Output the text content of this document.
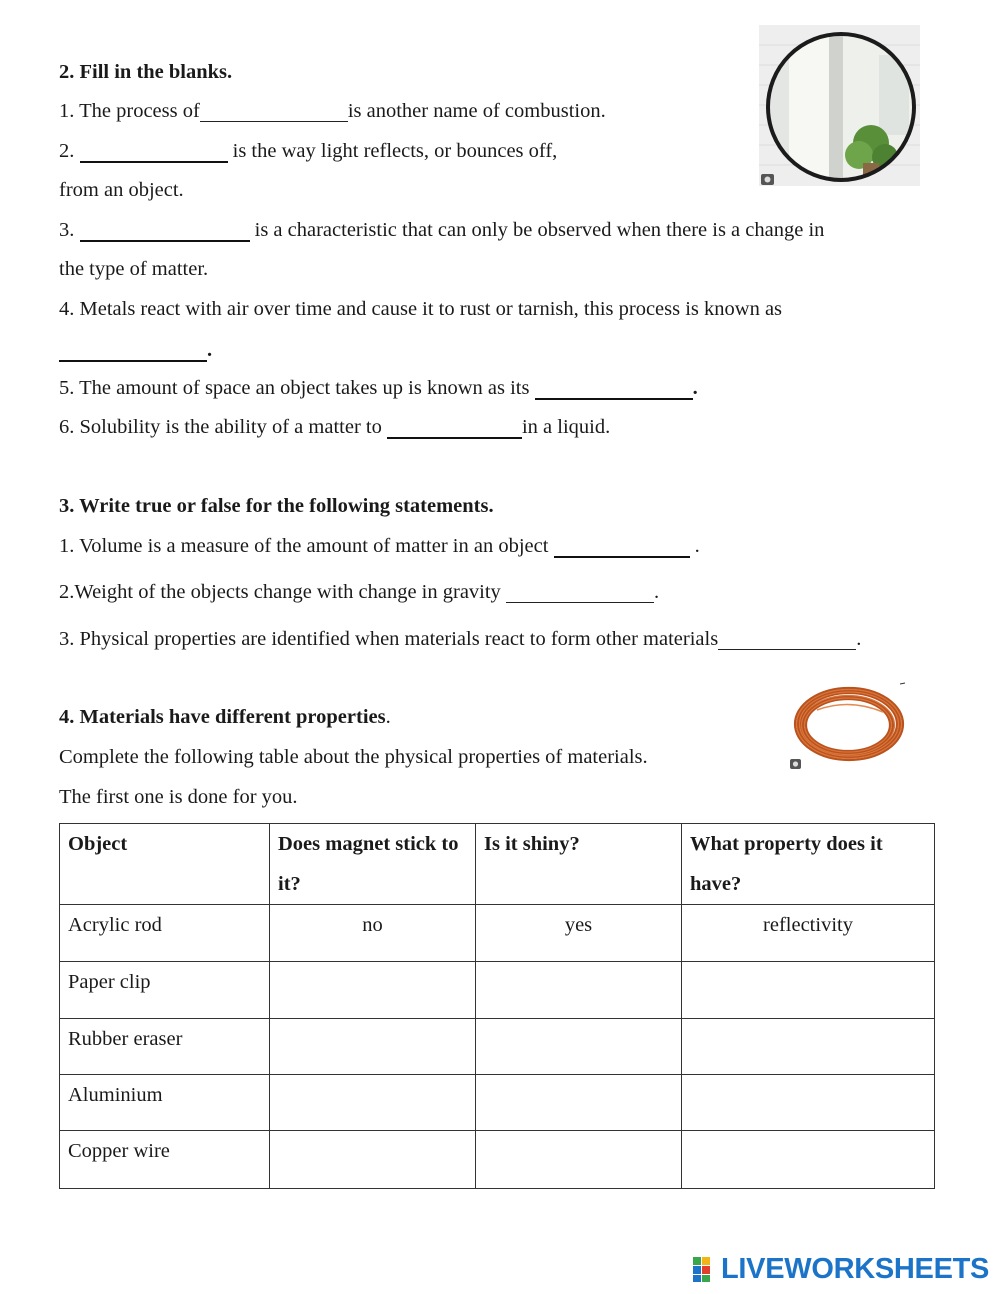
2. Fill in the blanks.
1. The process of	is another name of combustion.
2.	is the way light reflects, or bounces off,
from an object.
3.	is a characteristic that can only be observed when there is a change in
the type of matter.
4. Metals react with air over time and cause it to rust or tarnish, this process is known as
.
5. The amount of space an object takes up is known as its	.
6. Solubility is the ability of a matter to	in a liquid.
3. Write true or false for the following statements.
1. Volume is a measure of the amount of matter in an object	.
2.Weight of the objects change with change in gravity	.
3. Physical properties are identified when materials react to form other materials	.
4. Materials have different properties.
Complete the following table about the physical properties of materials.
The first one is done for you.
Object	Does magnet stick to it?	Is it shiny?	What property does it have?
Acrylic rod	no	yes	reflectivity
Paper clip			
Rubber eraser			
Aluminium			
Copper wire			
LIVEWORKSHEETS
